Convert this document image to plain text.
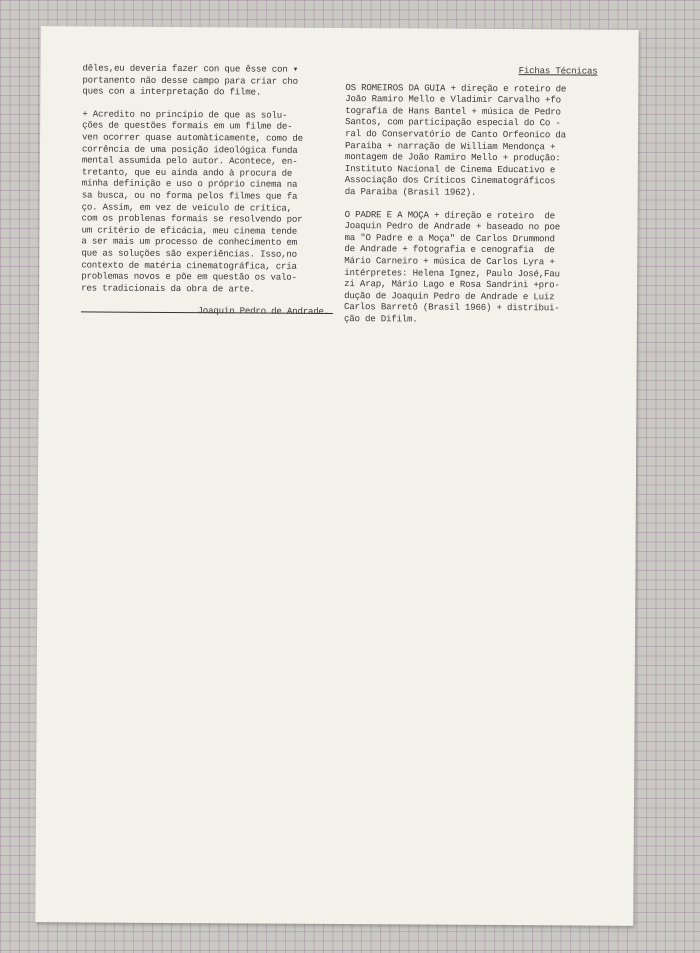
dêles,eu deveria fazer con que êsse con ▾
portanento não desse campo para criar cho
ques con a interpretação do filme.
+ Acredito no princípio de que as solu-
ções de questões formais em um filme de-
ven ocorrer quase automàticamente, como de
corrência de uma posição ideológica funda
mental assumida pelo autor. Acontece, en-
tretanto, que eu ainda ando à procura de
minha definição e uso o próprio cinema na
sa busca, ou no forma pelos filmes que fa
ço. Assim, em vez de veículo de crítica,
com os problenas formais se resolvendo por
um critério de eficácia, meu cinema tende
a ser mais um processo de conhecimento em
que as soluções são experiências. Isso,no
contexto de matéria cinematográfica, cria
problemas novos e põe em questão os valo-
res tradicionais da obra de arte.
Joaquin Pedro de Andrade.
Fichas Técnicas
OS ROMEIROS DA GUIA + direção e roteiro de
João Ramiro Mello e Vladimir Carvalho +fo
tografia de Hans Bantel + música de Pedro
Santos, com participação especial do Co -
ral do Conservatório de Canto Orfeonico da
Paraiba + narração de William Mendonça +
montagem de João Ramiro Mello + produção:
Instituto Nacional de Cinema Educativo e
Associação dos Críticos Cinematográficos
da Paraiba (Brasil 1962).
O PADRE E A MOÇA + direção e roteiro  de
Joaquin Pedro de Andrade + baseado no poe
ma "O Padre e a Moça" de Carlos Drummond
de Andrade + fotografia e cenografia  de
Mário Carneiro + música de Carlos Lyra +
intérpretes: Helena Ignez, Paulo José,Fau
zi Arap, Mário Lago e Rosa Sandrini +pro-
dução de Joaquin Pedro de Andrade e Luiz
Carlos Barretô (Brasil 1966) + distribui-
ção de Difilm.
